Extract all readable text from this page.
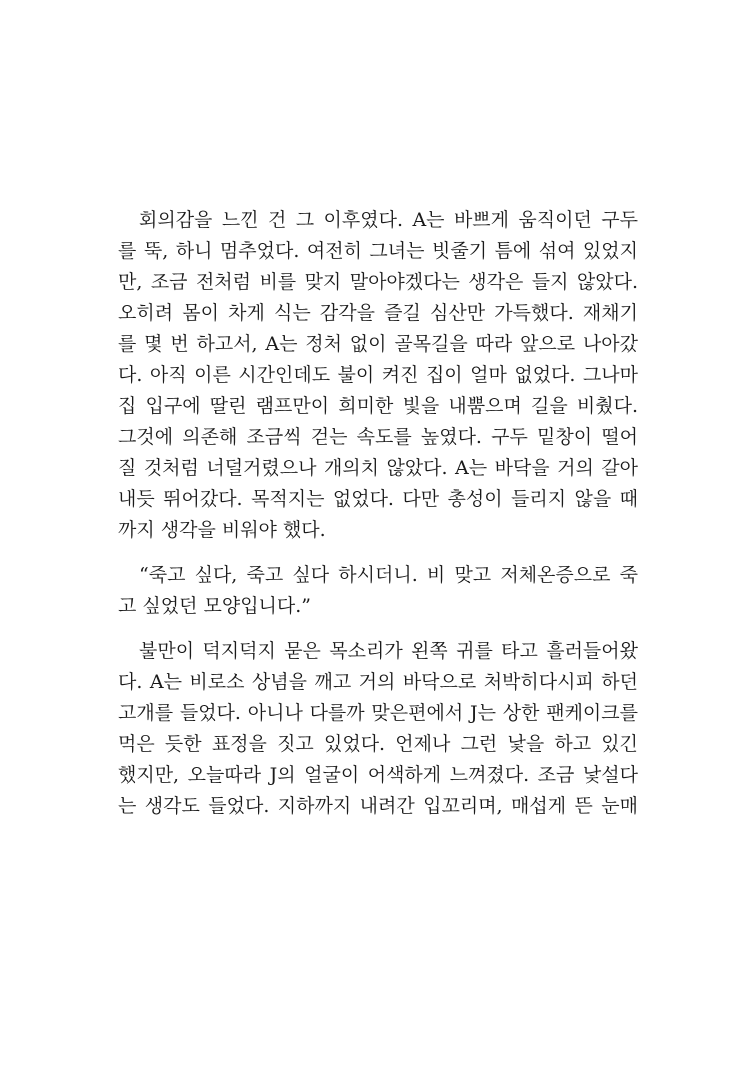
회의감을 느낀 건 그 이후였다. A는 바쁘게 움직이던 구두
를 뚝, 하니 멈추었다. 여전히 그녀는 빗줄기 틈에 섞여 있었지
만, 조금 전처럼 비를 맞지 말아야겠다는 생각은 들지 않았다.
오히려 몸이 차게 식는 감각을 즐길 심산만 가득했다. 재채기
를 몇 번 하고서, A는 정처 없이 골목길을 따라 앞으로 나아갔
다. 아직 이른 시간인데도 불이 켜진 집이 얼마 없었다. 그나마
집 입구에 딸린 램프만이 희미한 빛을 내뿜으며 길을 비췄다.
그것에 의존해 조금씩 걷는 속도를 높였다. 구두 밑창이 떨어
질 것처럼 너덜거렸으나 개의치 않았다. A는 바닥을 거의 갈아
내듯 뛰어갔다. 목적지는 없었다. 다만 총성이 들리지 않을 때
까지 생각을 비워야 했다.
“죽고 싶다, 죽고 싶다 하시더니. 비 맞고 저체온증으로 죽
고 싶었던 모양입니다.”
불만이 덕지덕지 묻은 목소리가 왼쪽 귀를 타고 흘러들어왔
다. A는 비로소 상념을 깨고 거의 바닥으로 처박히다시피 하던
고개를 들었다. 아니나 다를까 맞은편에서 J는 상한 팬케이크를
먹은 듯한 표정을 짓고 있었다. 언제나 그런 낯을 하고 있긴
했지만, 오늘따라 J의 얼굴이 어색하게 느껴졌다. 조금 낯설다
는 생각도 들었다. 지하까지 내려간 입꼬리며, 매섭게 뜬 눈매
